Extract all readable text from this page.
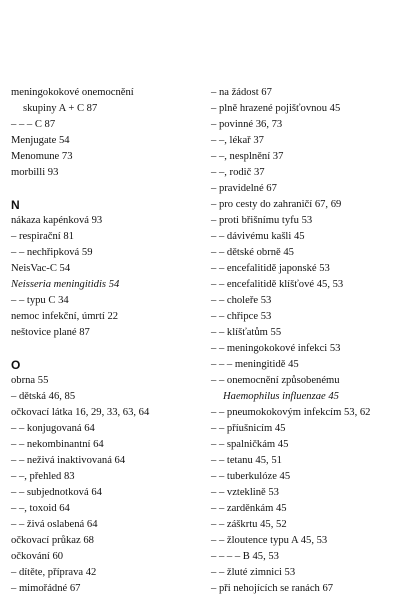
meningokokové onemocnění
skupiny A + C 87
– – – C 87
Menjugate 54
Menomune 73
morbilli 93
N
nákaza kapénková 93
– respirační 81
– – nechřipková 59
NeisVac-C 54
Neisseria meningitidis 54
– – typu C 34
nemoc infekční, úmrtí 22
neštovice plané 87
O
obrna 55
– dětská 46, 85
očkovací látka 16, 29, 33, 63, 64
– – konjugovaná 64
– – nekombinantní 64
– – neživá inaktivovaná 64
– –, přehled 83
– – subjednotková 64
– –, toxoid 64
– – živá oslabená 64
očkovací průkaz 68
očkování 60
– dítěte, příprava 42
– mimořádné 67
– na žádost 67
– plně hrazené pojišťovnou 45
– povinné 36, 73
– –, lékař 37
– –, nesplnění 37
– –, rodič 37
– pravidelné 67
– pro cesty do zahraničí 67, 69
– proti břišnímu tyfu 53
– – dávivému kašli 45
– – dětské obrně 45
– – encefalitidě japonské 53
– – encefalitidě klíšťové 45, 53
– – choleře 53
– – chřipce 53
– – klíšťatům 55
– – meningokokové infekci 53
– – – meningitidě 45
– – onemocnění způsobenému
Haemophilus influenzae 45
– – pneumokokovým infekcím 53, 62
– – příušnicím 45
– – spalničkám 45
– – tetanu 45, 51
– – tuberkulóze 45
– – vzteklině 53
– – zarděnkám 45
– – záškrtu 45, 52
– – žloutence typu A 45, 53
– – – – B 45, 53
– – žluté zimnici 53
– při nehojících se ranách 67
